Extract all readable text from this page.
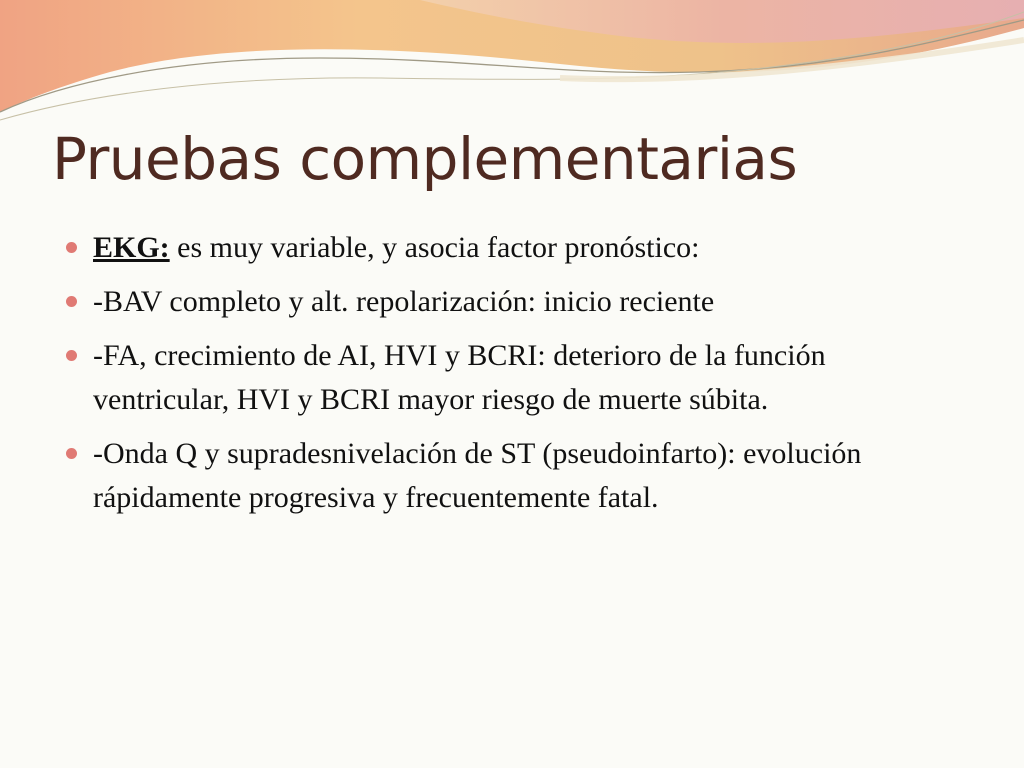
Pruebas complementarias
EKG: es muy variable, y asocia factor pronóstico:
-BAV completo y alt. repolarización: inicio reciente
-FA, crecimiento de AI, HVI y BCRI: deterioro de la función ventricular, HVI y BCRI mayor riesgo de muerte súbita.
-Onda Q y supradesnivelación de ST (pseudoinfarto): evolución rápidamente progresiva y frecuentemente fatal.
